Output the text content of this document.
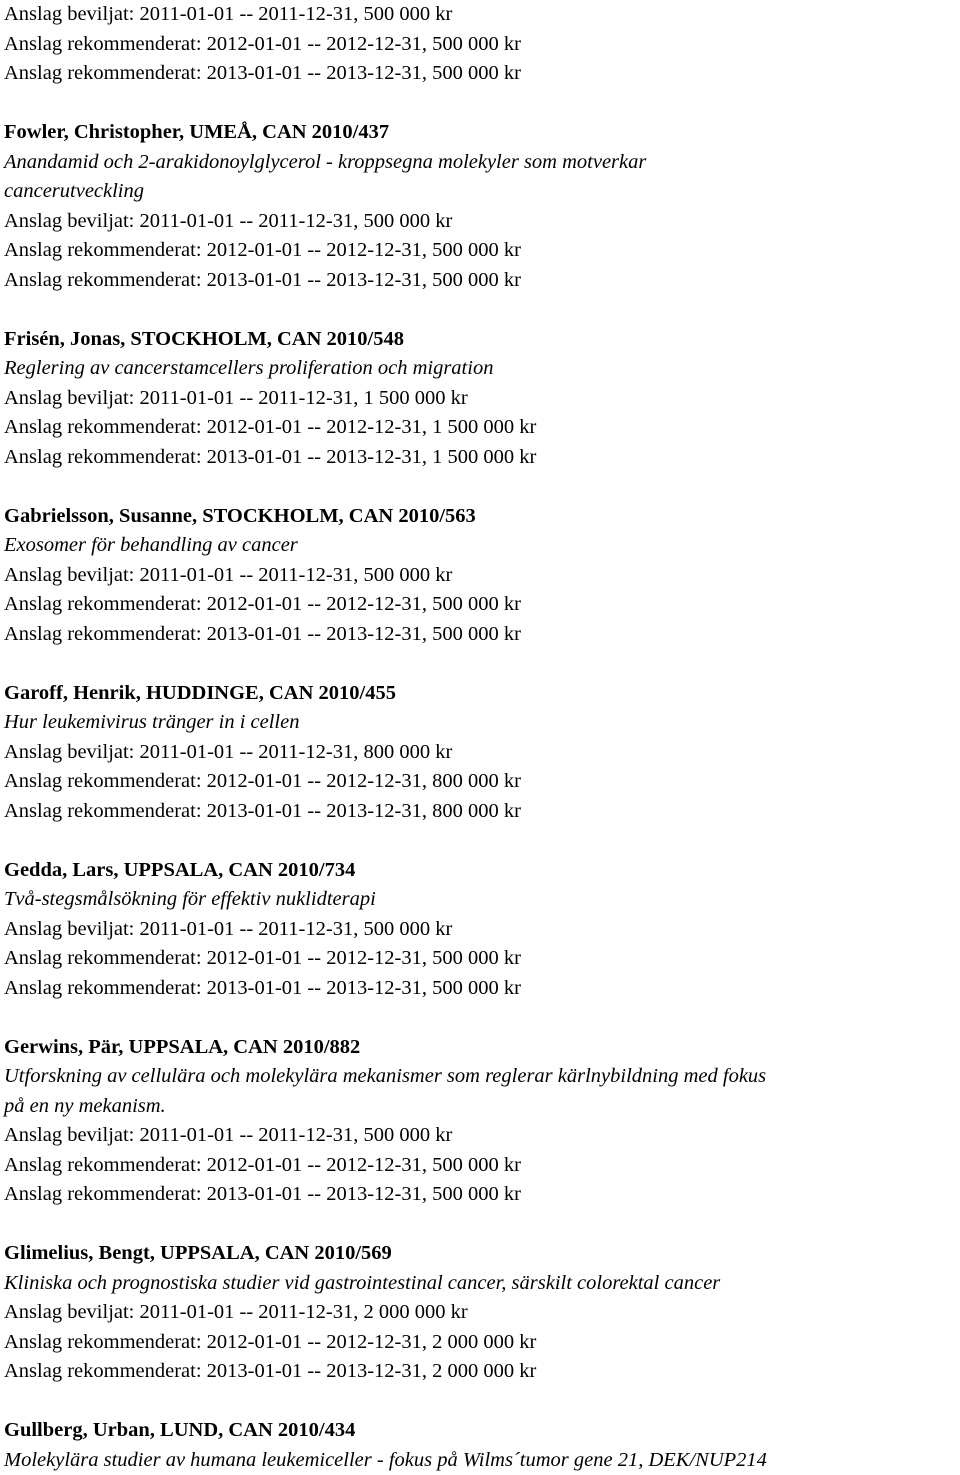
Anslag beviljat: 2011-01-01 -- 2011-12-31, 500 000 kr
Anslag rekommenderat: 2012-01-01 -- 2012-12-31, 500 000 kr
Anslag rekommenderat: 2013-01-01 -- 2013-12-31, 500 000 kr
Fowler, Christopher, UMEÅ, CAN 2010/437
Anandamid och 2-arakidonoylglycerol - kroppsegna molekyler som motverkar
cancerutveckling
Anslag beviljat: 2011-01-01 -- 2011-12-31, 500 000 kr
Anslag rekommenderat: 2012-01-01 -- 2012-12-31, 500 000 kr
Anslag rekommenderat: 2013-01-01 -- 2013-12-31, 500 000 kr
Frisén, Jonas, STOCKHOLM, CAN 2010/548
Reglering av cancerstamcellers proliferation och migration
Anslag beviljat: 2011-01-01 -- 2011-12-31, 1 500 000 kr
Anslag rekommenderat: 2012-01-01 -- 2012-12-31, 1 500 000 kr
Anslag rekommenderat: 2013-01-01 -- 2013-12-31, 1 500 000 kr
Gabrielsson, Susanne, STOCKHOLM, CAN 2010/563
Exosomer för behandling av cancer
Anslag beviljat: 2011-01-01 -- 2011-12-31, 500 000 kr
Anslag rekommenderat: 2012-01-01 -- 2012-12-31, 500 000 kr
Anslag rekommenderat: 2013-01-01 -- 2013-12-31, 500 000 kr
Garoff, Henrik, HUDDINGE, CAN 2010/455
Hur leukemivirus tränger in i cellen
Anslag beviljat: 2011-01-01 -- 2011-12-31, 800 000 kr
Anslag rekommenderat: 2012-01-01 -- 2012-12-31, 800 000 kr
Anslag rekommenderat: 2013-01-01 -- 2013-12-31, 800 000 kr
Gedda, Lars, UPPSALA, CAN 2010/734
Två-stegsmålsökning för effektiv nuklidterapi
Anslag beviljat: 2011-01-01 -- 2011-12-31, 500 000 kr
Anslag rekommenderat: 2012-01-01 -- 2012-12-31, 500 000 kr
Anslag rekommenderat: 2013-01-01 -- 2013-12-31, 500 000 kr
Gerwins, Pär, UPPSALA, CAN 2010/882
Utforskning av cellulära och molekylära mekanismer som reglerar kärlnybildning med fokus
på en ny mekanism.
Anslag beviljat: 2011-01-01 -- 2011-12-31, 500 000 kr
Anslag rekommenderat: 2012-01-01 -- 2012-12-31, 500 000 kr
Anslag rekommenderat: 2013-01-01 -- 2013-12-31, 500 000 kr
Glimelius, Bengt, UPPSALA, CAN 2010/569
Kliniska och prognostiska studier vid gastrointestinal cancer, särskilt colorektal cancer
Anslag beviljat: 2011-01-01 -- 2011-12-31, 2 000 000 kr
Anslag rekommenderat: 2012-01-01 -- 2012-12-31, 2 000 000 kr
Anslag rekommenderat: 2013-01-01 -- 2013-12-31, 2 000 000 kr
Gullberg, Urban, LUND, CAN 2010/434
Molekylära studier av humana leukemiceller - fokus på Wilms´tumor gene 21, DEK/NUP214
